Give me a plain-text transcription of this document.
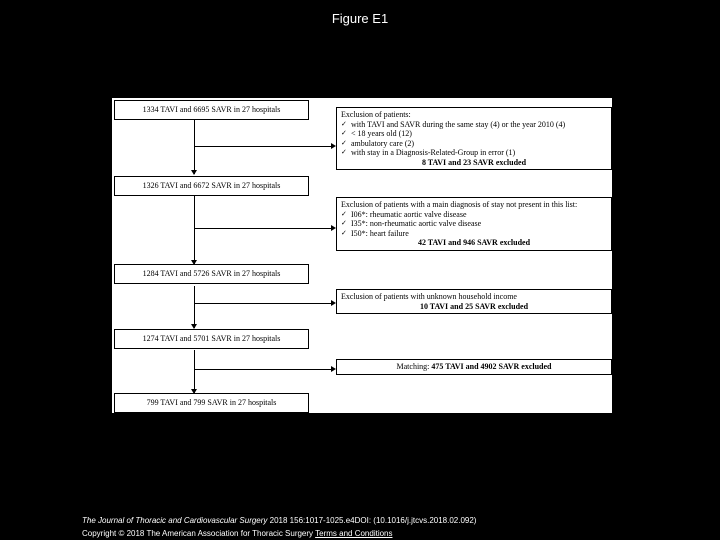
Figure E1
1334 TAVI and 6695 SAVR in 27 hospitals
1326 TAVI and 6672 SAVR in 27 hospitals
1284 TAVI and 5726 SAVR in 27 hospitals
1274 TAVI and 5701 SAVR in 27 hospitals
799 TAVI and 799 SAVR in 27 hospitals
Exclusion of patients:
✓ with TAVI and SAVR during the same stay (4) or the year 2010 (4)
✓ < 18 years old (12)
✓ ambulatory care (2)
✓ with stay in a Diagnosis-Related-Group in error (1)
8 TAVI and 23 SAVR excluded
Exclusion of patients with a main diagnosis of stay not present in this list:
✓ I06*: rheumatic aortic valve disease
✓ I35*: non-rheumatic aortic valve disease
✓ I50*: heart failure
42 TAVI and 946 SAVR excluded
Exclusion of patients with unknown household income
10 TAVI and 25 SAVR excluded
Matching: 475 TAVI and 4902 SAVR excluded
The Journal of Thoracic and Cardiovascular Surgery 2018 156:1017-1025.e4DOI: (10.1016/j.jtcvs.2018.02.092)
Copyright © 2018 The American Association for Thoracic Surgery Terms and Conditions
